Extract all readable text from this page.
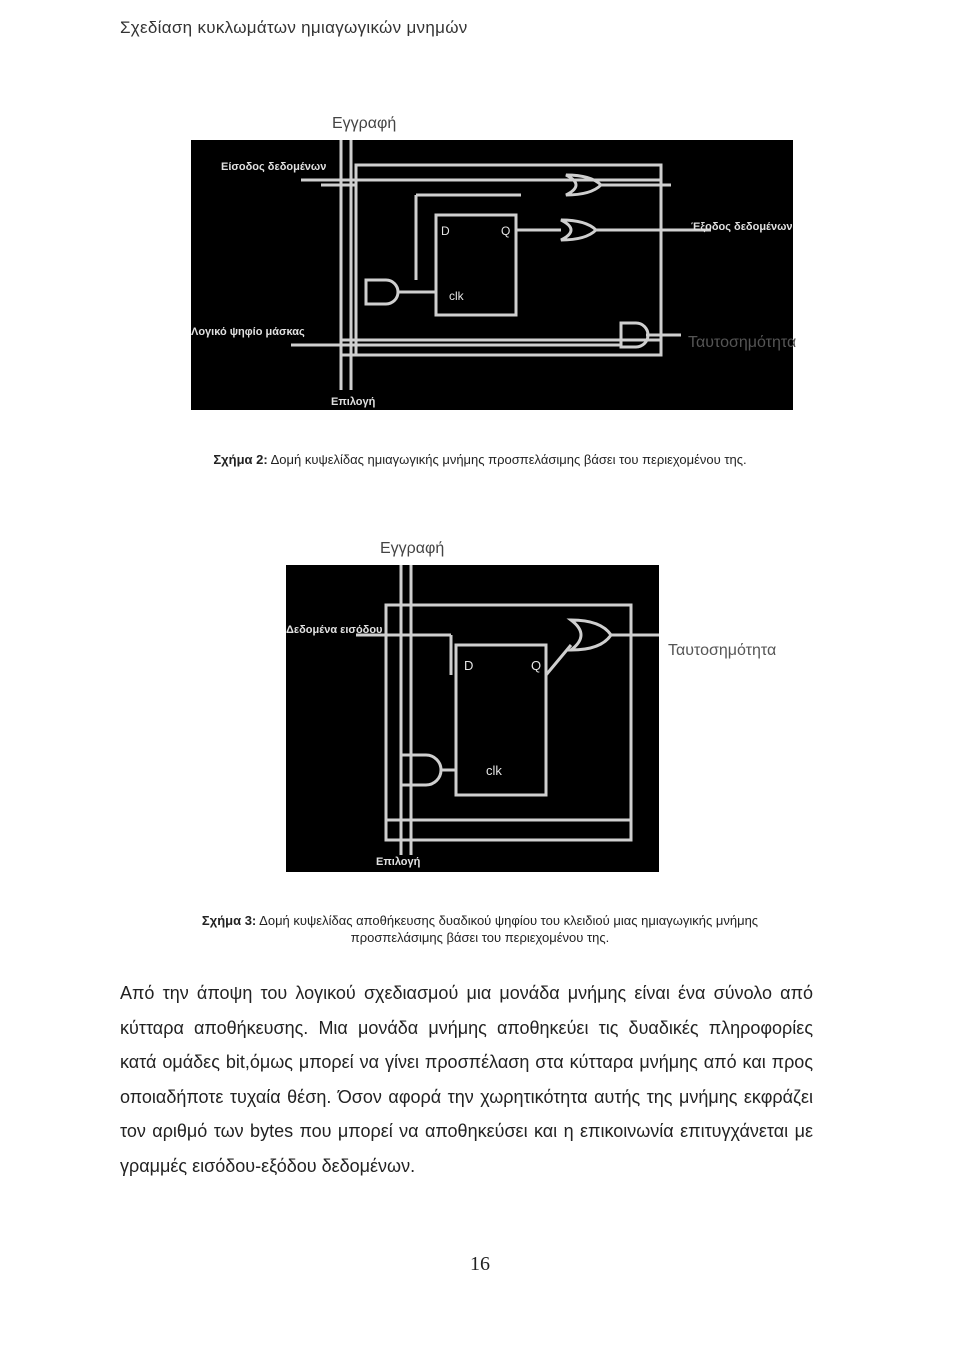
Σχεδίαση κυκλωμάτων ημιαγωγικών μνημών
Εγγραφή
D	Q
clk
Είσοδος δεδομένων
Λογικό ψηφίο μάσκας
Έξοδος δεδομένων
Επιλογή
Ταυτοσημότητα
Σχήμα 2: Δομή κυψελίδας ημιαγωγικής μνήμης προσπελάσιμης βάσει του περιεχομένου της.
Εγγραφή
D	Q
clk
Δεδομένα εισόδου
Επιλογή
Ταυτοσημότητα
Σχήμα 3: Δομή κυψελίδας αποθήκευσης δυαδικού ψηφίου του κλειδιού μιας ημιαγωγικής μνήμης
προσπελάσιμης βάσει του περιεχομένου της.
Από την άποψη του λογικού σχεδιασμού μια μονάδα μνήμης είναι ένα σύνολο από κύτταρα αποθήκευσης. Μια μονάδα μνήμης αποθηκεύει τις δυαδικές πληροφορίες κατά ομάδες bit,όμως μπορεί να γίνει προσπέλαση στα κύτταρα μνήμης από και προς οποιαδήποτε τυχαία θέση. Όσον αφορά την χωρητικότητα αυτής της μνήμης εκφράζει τον αριθμό των bytes που μπορεί να αποθηκεύσει και η επικοινωνία επιτυγχάνεται με γραμμές εισόδου-εξόδου δεδομένων.
16
